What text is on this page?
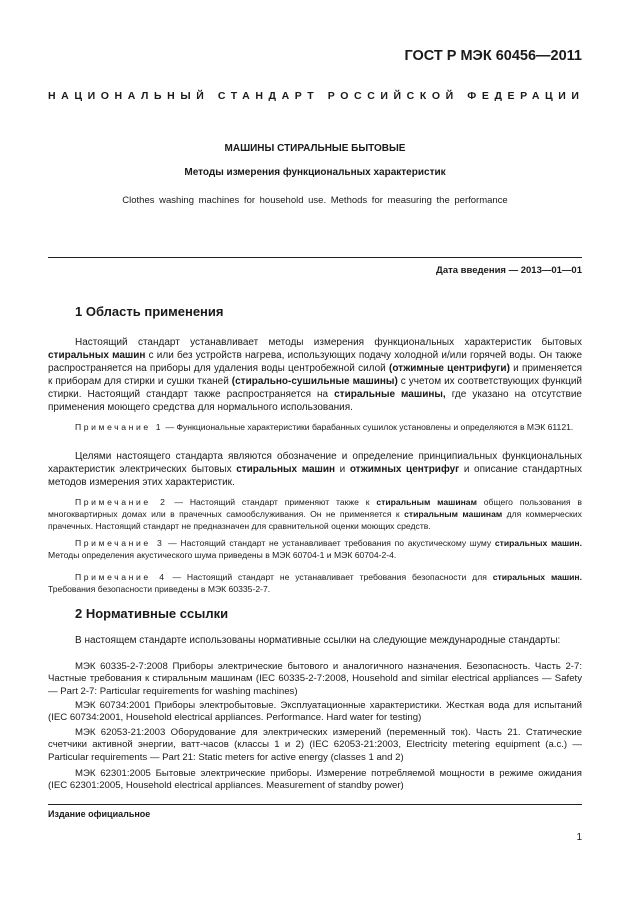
ГОСТ Р МЭК 60456—2011
НАЦИОНАЛЬНЫЙ СТАНДАРТ РОССИЙСКОЙ ФЕДЕРАЦИИ
МАШИНЫ СТИРАЛЬНЫЕ БЫТОВЫЕ
Методы измерения функциональных характеристик
Clothes washing machines for household use. Methods for measuring the performance
Дата введения — 2013—01—01
1 Область применения
Настоящий стандарт устанавливает методы измерения функциональных характеристик бытовых стиральных машин с или без устройств нагрева, использующих подачу холодной и/или горячей воды. Он также распространяется на приборы для удаления воды центробежной силой (отжимные центрифуги) и применяется к приборам для стирки и сушки тканей (стирально-сушильные машины) с учетом их соответствующих функций стирки. Настоящий стандарт также распространяется на стиральные машины, где указано на отсутствие применения моющего средства для нормального использования.
Примечание 1 — Функциональные характеристики барабанных сушилок установлены и определяются в МЭК 61121.
Целями настоящего стандарта являются обозначение и определение принципиальных функциональных характеристик электрических бытовых стиральных машин и отжимных центрифуг и описание стандартных методов измерения этих характеристик.
Примечание 2 — Настоящий стандарт применяют также к стиральным машинам общего пользования в многоквартирных домах или в прачечных самообслуживания. Он не применяется к стиральным машинам для коммерческих прачечных. Настоящий стандарт не предназначен для сравнительной оценки моющих средств.
Примечание 3 — Настоящий стандарт не устанавливает требования по акустическому шуму стиральных машин. Методы определения акустического шума приведены в МЭК 60704-1 и МЭК 60704-2-4.
Примечание 4 — Настоящий стандарт не устанавливает требования безопасности для стиральных машин. Требования безопасности приведены в МЭК 60335-2-7.
2 Нормативные ссылки
В настоящем стандарте использованы нормативные ссылки на следующие международные стандарты:
МЭК 60335-2-7:2008 Приборы электрические бытового и аналогичного назначения. Безопасность. Часть 2-7: Частные требования к стиральным машинам (IEC 60335-2-7:2008, Household and similar electrical appliances — Safety — Part 2-7: Particular requirements for washing machines)
МЭК 60734:2001 Приборы электробытовые. Эксплуатационные характеристики. Жесткая вода для испытаний (IEC 60734:2001, Household electrical appliances. Performance. Hard water for testing)
МЭК 62053-21:2003 Оборудование для электрических измерений (переменный ток). Часть 21. Статические счетчики активной энергии, ватт-часов (классы 1 и 2) (IEC 62053-21:2003, Electricity metering equipment (a.c.) — Particular requirements — Part 21: Static meters for active energy (classes 1 and 2)
МЭК 62301:2005 Бытовые электрические приборы. Измерение потребляемой мощности в режиме ожидания (IEC 62301:2005, Household electrical appliances. Measurement of standby power)
Издание официальное
1
